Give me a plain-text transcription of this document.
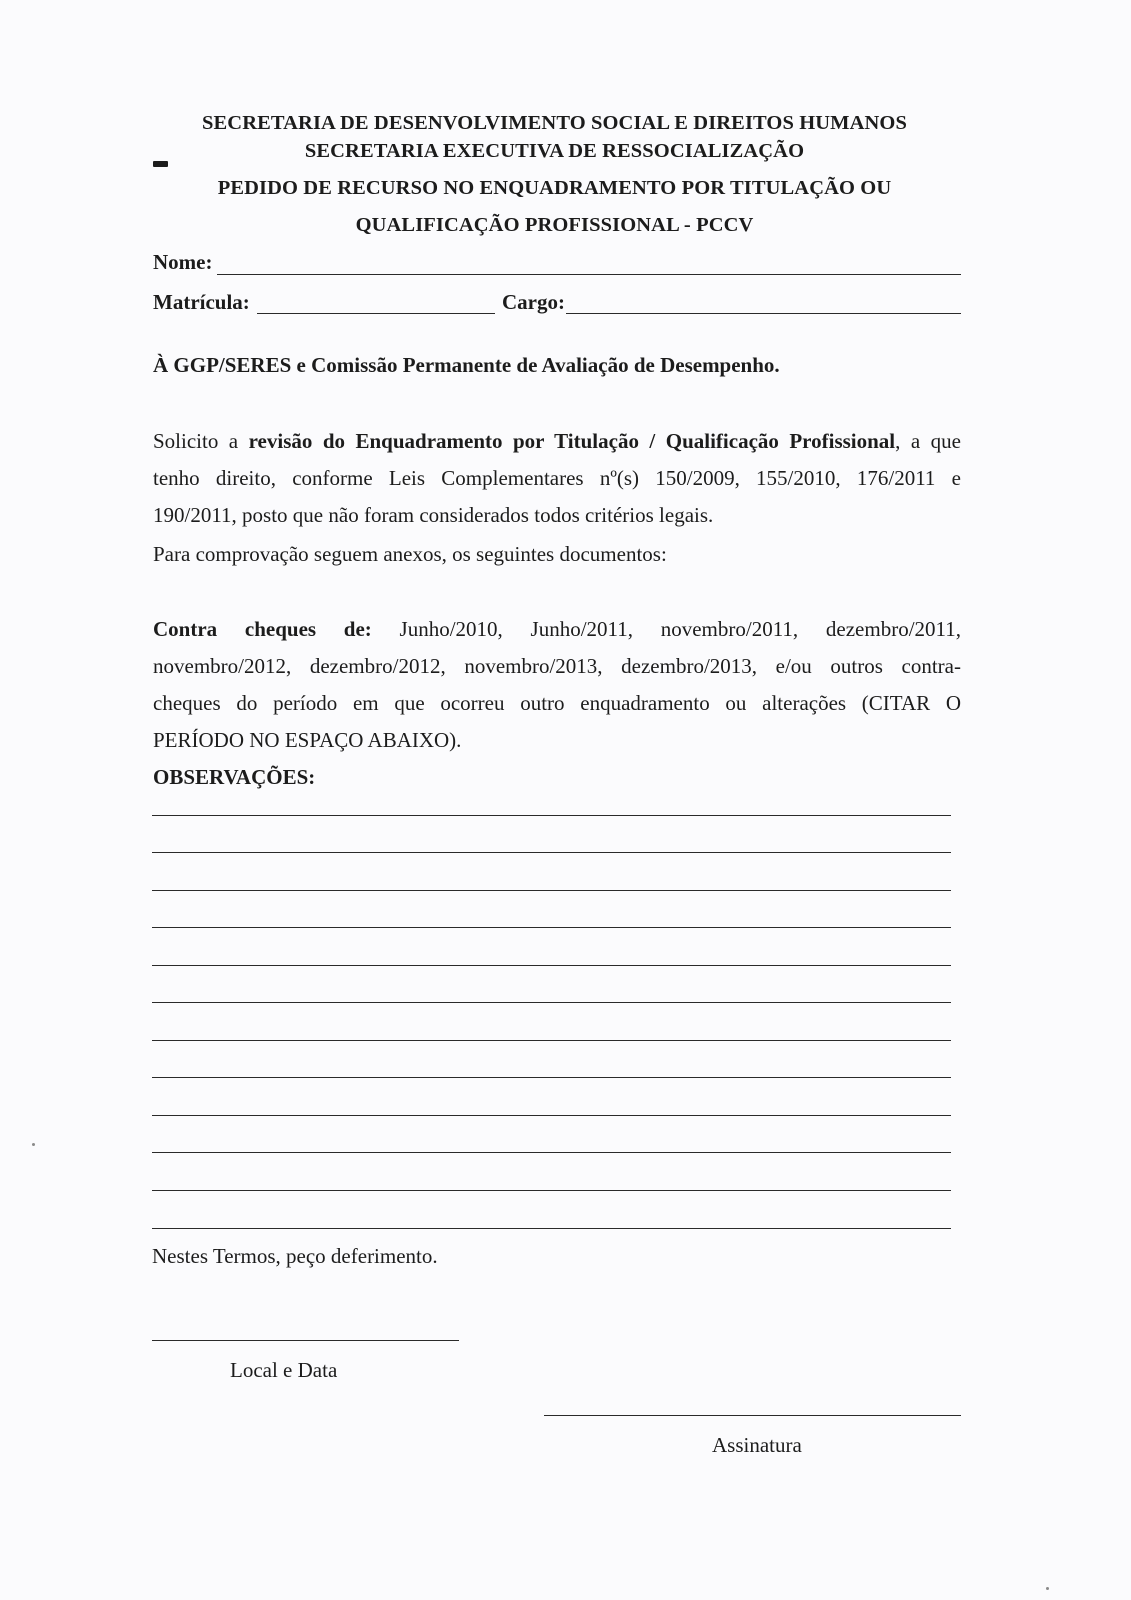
SECRETARIA DE DESENVOLVIMENTO SOCIAL E DIREITOS HUMANOS
SECRETARIA EXECUTIVA DE RESSOCIALIZAÇÃO
PEDIDO DE RECURSO NO ENQUADRAMENTO POR TITULAÇÃO OU
QUALIFICAÇÃO PROFISSIONAL - PCCV
Nome:
Matrícula:	Cargo:
À GGP/SERES e Comissão Permanente de Avaliação de Desempenho.
Solicito a revisão do Enquadramento por Titulação / Qualificação Profissional, a que
tenho direito, conforme Leis Complementares nº(s) 150/2009, 155/2010, 176/2011 e
190/2011, posto que não foram considerados todos critérios legais.
Para comprovação seguem anexos, os seguintes documentos:
Contra cheques de: Junho/2010, Junho/2011, novembro/2011, dezembro/2011,
novembro/2012, dezembro/2012, novembro/2013, dezembro/2013, e/ou outros contra-
cheques do período em que ocorreu outro enquadramento ou alterações (CITAR O
PERÍODO NO ESPAÇO ABAIXO).
OBSERVAÇÕES:
Nestes Termos, peço deferimento.
Local e Data
Assinatura
